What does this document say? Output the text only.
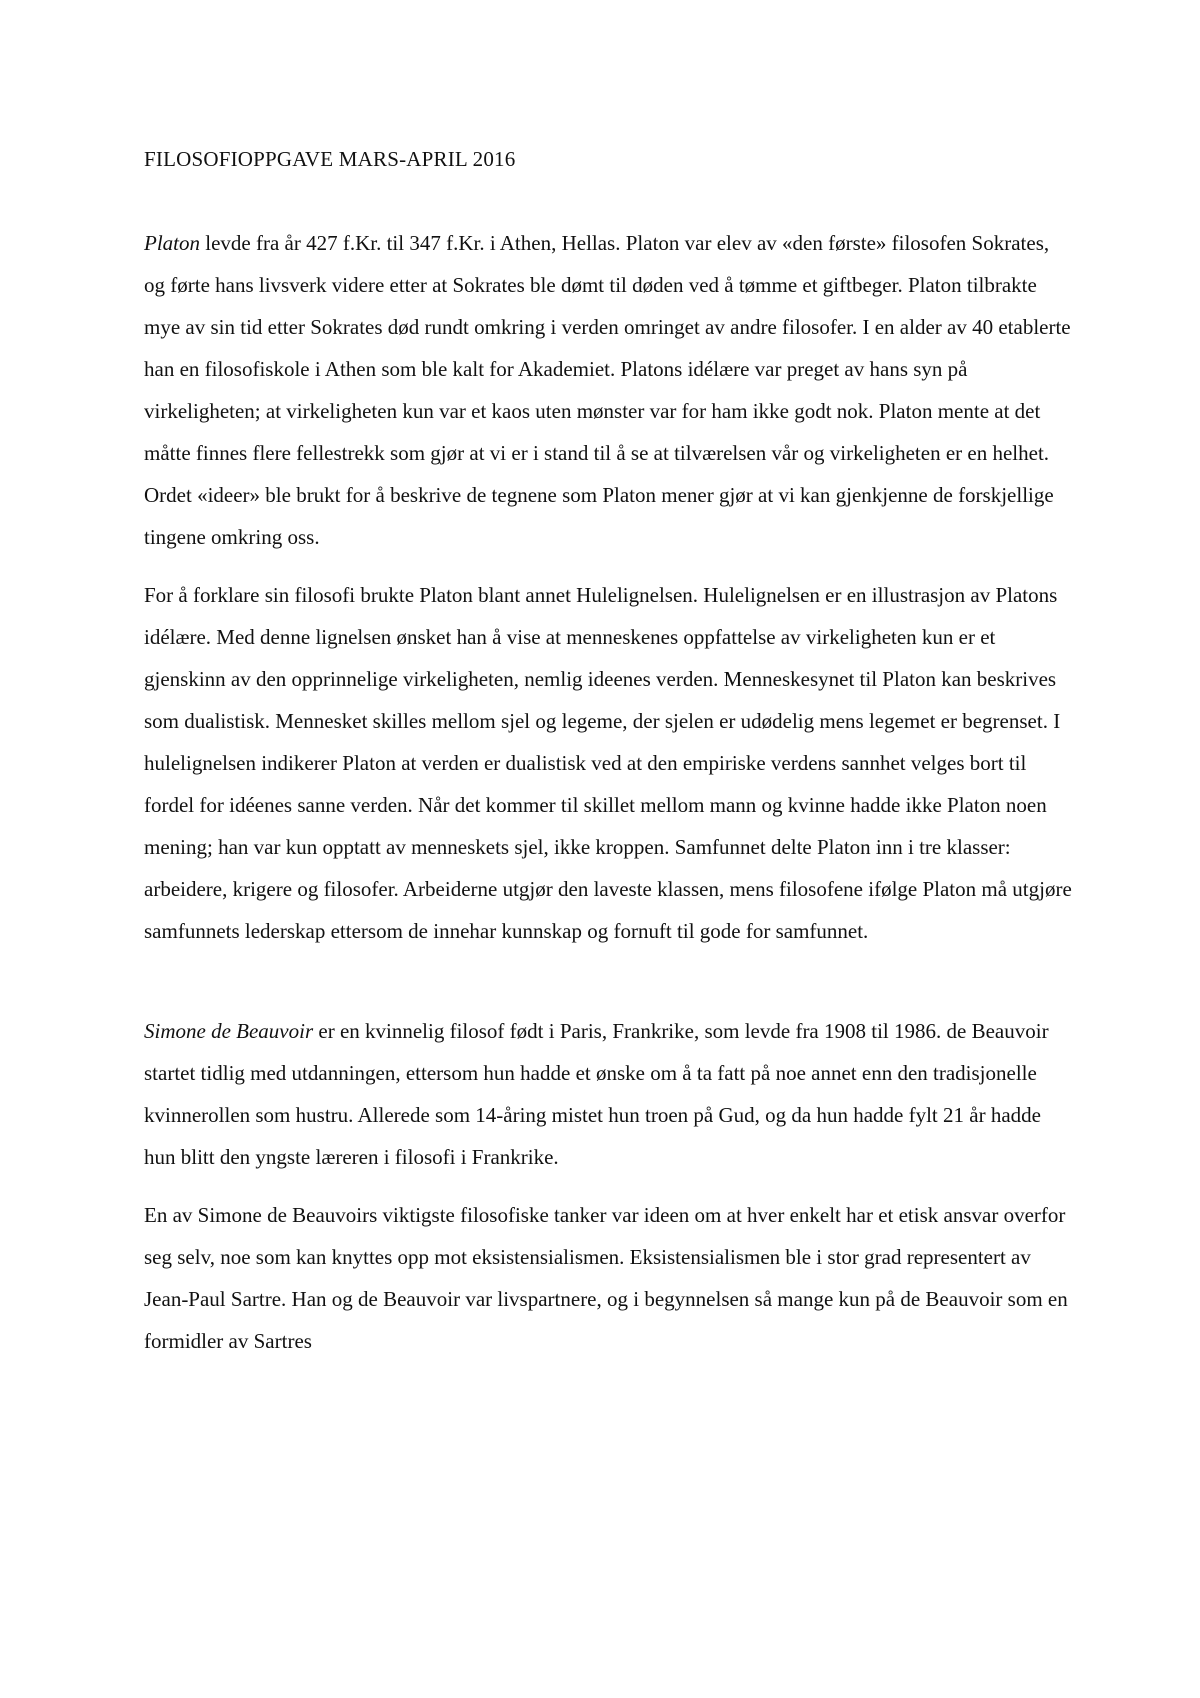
FILOSOFIOPPGAVE MARS-APRIL 2016

Platon levde fra år 427 f.Kr. til 347 f.Kr. i Athen, Hellas. Platon var elev av «den første» filosofen Sokrates, og førte hans livsverk videre etter at Sokrates ble dømt til døden ved å tømme et giftbeger. Platon tilbrakte mye av sin tid etter Sokrates død rundt omkring i verden omringet av andre filosofer. I en alder av 40 etablerte han en filosofiskole i Athen som ble kalt for Akademiet. Platons idélære var preget av hans syn på virkeligheten; at virkeligheten kun var et kaos uten mønster var for ham ikke godt nok. Platon mente at det måtte finnes flere fellestrekk som gjør at vi er i stand til å se at tilværelsen vår og virkeligheten er en helhet. Ordet «ideer» ble brukt for å beskrive de tegnene som Platon mener gjør at vi kan gjenkjenne de forskjellige tingene omkring oss.

For å forklare sin filosofi brukte Platon blant annet Hulelignelsen. Hulelignelsen er en illustrasjon av Platons idélære. Med denne lignelsen ønsket han å vise at menneskenes oppfattelse av virkeligheten kun er et gjenskinn av den opprinnelige virkeligheten, nemlig ideenes verden. Menneskesynet til Platon kan beskrives som dualistisk. Mennesket skilles mellom sjel og legeme, der sjelen er udødelig mens legemet er begrenset. I hulelignelsen indikerer Platon at verden er dualistisk ved at den empiriske verdens sannhet velges bort til fordel for idéenes sanne verden. Når det kommer til skillet mellom mann og kvinne hadde ikke Platon noen mening; han var kun opptatt av menneskets sjel, ikke kroppen. Samfunnet delte Platon inn i tre klasser: arbeidere, krigere og filosofer. Arbeiderne utgjør den laveste klassen, mens filosofene ifølge Platon må utgjøre samfunnets lederskap ettersom de innehar kunnskap og fornuft til gode for samfunnet.

Simone de Beauvoir er en kvinnelig filosof født i Paris, Frankrike, som levde fra 1908 til 1986. de Beauvoir startet tidlig med utdanningen, ettersom hun hadde et ønske om å ta fatt på noe annet enn den tradisjonelle kvinnerollen som hustru. Allerede som 14-åring mistet hun troen på Gud, og da hun hadde fylt 21 år hadde hun blitt den yngste læreren i filosofi i Frankrike.

En av Simone de Beauvoirs viktigste filosofiske tanker var ideen om at hver enkelt har et etisk ansvar overfor seg selv, noe som kan knyttes opp mot eksistensialismen. Eksistensialismen ble i stor grad representert av Jean-Paul Sartre. Han og de Beauvoir var livspartnere, og i begynnelsen så mange kun på de Beauvoir som en formidler av Sartres
